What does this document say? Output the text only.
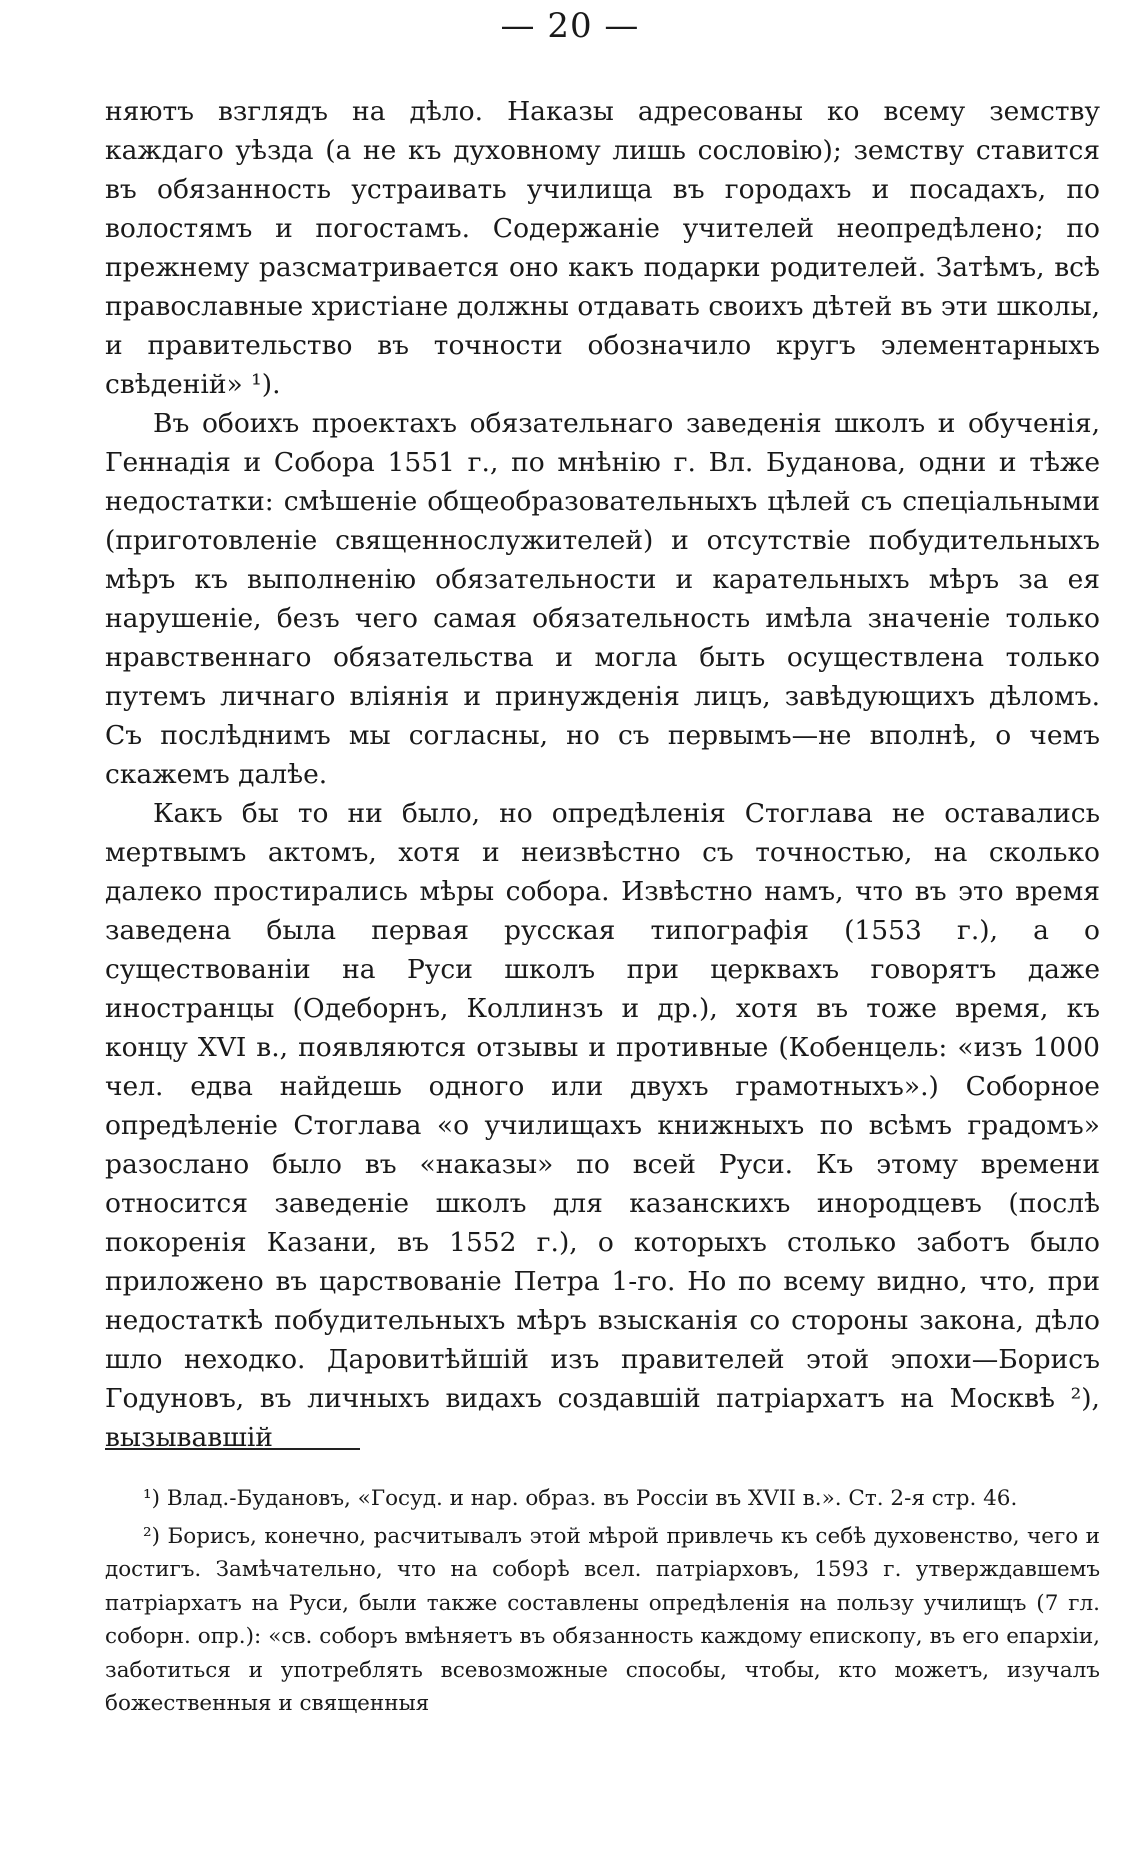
— 20 —

няютъ взглядъ на дѣло. Наказы адресованы ко всему земству каждаго уѣзда (а не къ духовному лишь сословію); земству ставится въ обязанность устраивать училища въ городахъ и посадахъ, по волостямъ и погостамъ. Содержаніе учителей неопредѣлено; по прежнему разсматривается оно какъ подарки родителей. Затѣмъ, всѣ православные христіане должны отдавать своихъ дѣтей въ эти школы, и правительство въ точности обозначило кругъ элементарныхъ свѣденій» ¹).

Въ обоихъ проектахъ обязательнаго заведенія школъ и обученія, Геннадія и Собора 1551 г., по мнѣнію г. Вл. Буданова, одни и тѣже недостатки: смѣшеніе общеобразовательныхъ цѣлей съ спеціальными (приготовленіе священнослужителей) и отсутствіе побудительныхъ мѣръ къ выполненію обязательности и карательныхъ мѣръ за ея нарушеніе, безъ чего самая обязательность имѣла значеніе только нравственнаго обязательства и могла быть осуществлена только путемъ личнаго вліянія и принужденія лицъ, завѣдующихъ дѣломъ. Съ послѣднимъ мы согласны, но съ первымъ—не вполнѣ, о чемъ скажемъ далѣе.

Какъ бы то ни было, но опредѣленія Стоглава не оставались мертвымъ актомъ, хотя и неизвѣстно съ точностью, на сколько далеко простирались мѣры собора. Извѣстно намъ, что въ это время заведена была первая русская типографія (1553 г.), а о существованіи на Руси школъ при церквахъ говорятъ даже иностранцы (Одеборнъ, Коллинзъ и др.), хотя въ тоже время, къ концу XVI в., появляются отзывы и противные (Кобенцель: «изъ 1000 чел. едва найдешь одного или двухъ грамотныхъ».) Соборное опредѣленіе Стоглава «о училищахъ книжныхъ по всѣмъ градомъ» разослано было въ «наказы» по всей Руси. Къ этому времени относится заведеніе школъ для казанскихъ инородцевъ (послѣ покоренія Казани, въ 1552 г.), о которыхъ столько заботъ было приложено въ царствованіе Петра 1-го. Но по всему видно, что, при недостаткѣ побудительныхъ мѣръ взысканія со стороны закона, дѣло шло неходко. Даровитѣйшій изъ правителей этой эпохи—Борисъ Годуновъ, въ личныхъ видахъ создавшій патріархатъ на Москвѣ ²), вызывавшій

¹) Влад.-Будановъ, «Госуд. и нар. образ. въ Россіи въ XVII в.». Ст. 2-я стр. 46.

²) Борисъ, конечно, расчитывалъ этой мѣрой привлечь къ себѣ духовенство, чего и достигъ. Замѣчательно, что на соборѣ всел. патріарховъ, 1593 г. утверждавшемъ патріархатъ на Руси, были также составлены опредѣленія на пользу училищъ (7 гл. соборн. опр.): «св. соборъ вмѣняетъ въ обязанность каждому епископу, въ его епархіи, заботиться и употреблять всевозможные способы, чтобы, кто можетъ, изучалъ божественныя и священныя
